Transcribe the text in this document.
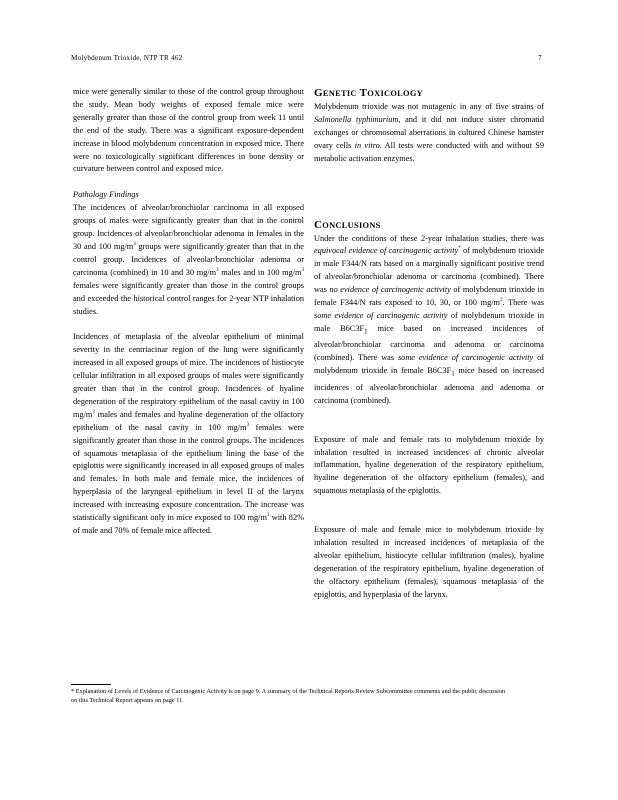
Molybdenum Trioxide, NTP TR 462	7

mice were generally similar to those of the control group throughout the study. Mean body weights of exposed female mice were generally greater than those of the control group from week 11 until the end of the study. There was a significant exposure-dependent increase in blood molybdenum concentration in exposed mice. There were no toxicologically significant differences in bone density or curvature between control and exposed mice.

Pathology Findings

The incidences of alveolar/bronchiolar carcinoma in all exposed groups of males were significantly greater than that in the control group. Incidences of alveolar/bronchiolar adenoma in females in the 30 and 100 $mg/m^3$ groups were significantly greater than that in the control group. Incidences of alveolar/bronchiolar adenoma or carcinoma (combined) in 10 and 30 $mg/m^3$ males and in 100 $mg/m^3$ females were significantly greater than those in the control groups and exceeded the historical control ranges for 2-year NTP inhalation studies.

Incidences of metaplasia of the alveolar epithelium of minimal severity in the centriacinar region of the lung were significantly increased in all exposed groups of mice. The incidences of histiocyte cellular infiltration in all exposed groups of males were significantly greater than that in the control group. Incidences of hyaline degeneration of the respiratory epithelium of the nasal cavity in 100 $mg/m^3$ males and females and hyaline degeneration of the olfactory epithelium of the nasal cavity in 100 $mg/m^3$ females were significantly greater than those in the control groups. The incidences of squamous metaplasia of the epithelium lining the base of the epiglottis were significantly increased in all exposed groups of males and females. In both male and female mice, the incidences of hyperplasia of the laryngeal epithelium in level II of the larynx increased with increasing exposure concentration. The increase was statistically significant only in mice exposed to 100 $mg/m^3$ with 82% of male and 70% of female mice affected.

GENETIC TOXICOLOGY

Molybdenum trioxide was not mutagenic in any of five strains of Salmonella typhimurium, and it did not induce sister chromatid exchanges or chromosomal aberrations in cultured Chinese hamster ovary cells in vitro. All tests were conducted with and without S9 metabolic activation enzymes.

CONCLUSIONS

Under the conditions of these 2-year inhalation studies, there was equivocal evidence of carcinogenic activity* of molybdenum trioxide in male F344/N rats based on a marginally significant positive trend of alveolar/bronchiolar adenoma or carcinoma (combined). There was no evidence of carcinogenic activity of molybdenum trioxide in female F344/N rats exposed to 10, 30, or 100 $mg/m^3$. There was some evidence of carcinogenic activity of molybdenum trioxide in male $B6C3F_1$ mice based on increased incidences of alveolar/bronchiolar carcinoma and adenoma or carcinoma (combined). There was some evidence of carcinogenic activity of molybdenum trioxide in female $B6C3F_1$ mice based on increased incidences of alveolar/bronchiolar adenoma and adenoma or carcinoma (combined).

Exposure of male and female rats to molybdenum trioxide by inhalation resulted in increased incidences of chronic alveolar inflammation, hyaline degeneration of the respiratory epithelium, hyaline degeneration of the olfactory epithelium (females), and squamous metaplasia of the epiglottis.

Exposure of male and female mice to molybdenum trioxide by inhalation resulted in increased incidences of metaplasia of the alveolar epithelium, histiocyte cellular infiltration (males), hyaline degeneration of the respiratory epithelium, hyaline degeneration of the olfactory epithelium (females), squamous metaplasia of the epiglottis, and hyperplasia of the larynx.

* Explanation of Levels of Evidence of Carcinogenic Activity is on page 9. A summary of the Technical Reports Review Subcommittee comments and the public discussion on this Technical Report appears on page 11.
